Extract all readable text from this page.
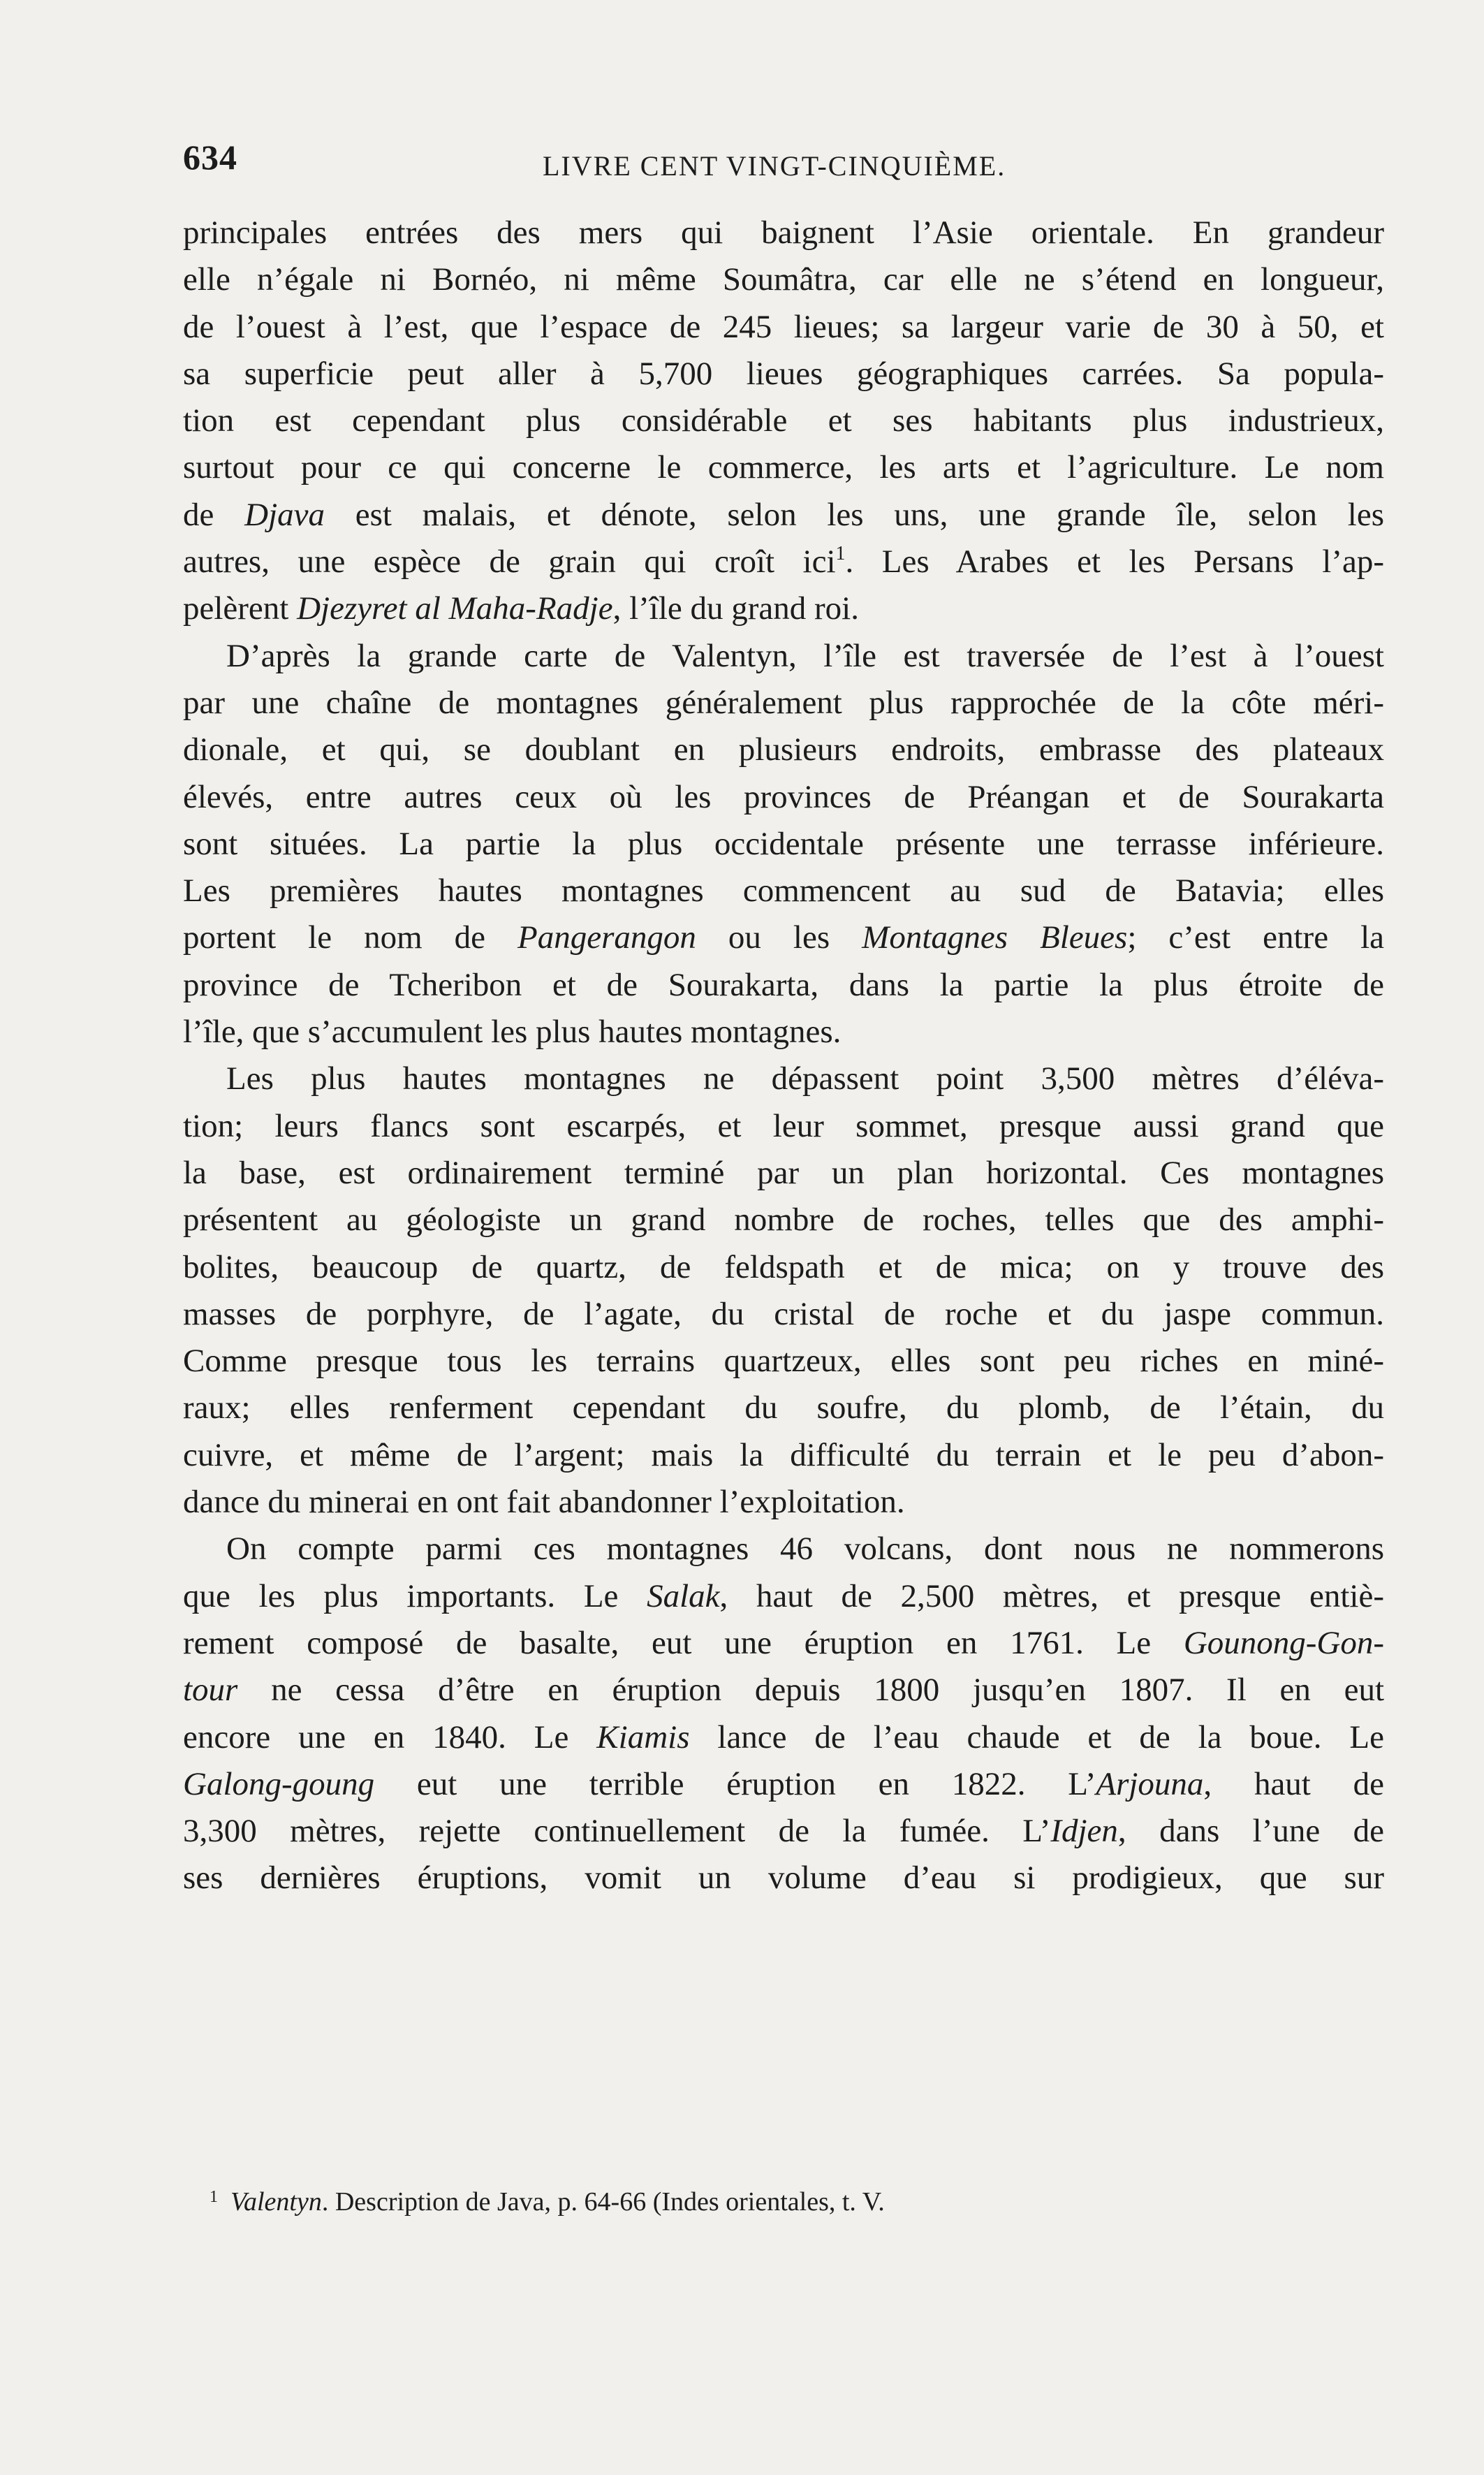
634	LIVRE CENT VINGT-CINQUIÈME.
principales entrées des mers qui baignent l’Asie orientale. En grandeur
elle n’égale ni Bornéo, ni même Soumâtra, car elle ne s’étend en longueur,
de l’ouest à l’est, que l’espace de 245 lieues; sa largeur varie de 30 à 50, et
sa superficie peut aller à 5,700 lieues géographiques carrées. Sa popula-
tion est cependant plus considérable et ses habitants plus industrieux,
surtout pour ce qui concerne le commerce, les arts et l’agriculture. Le nom
de Djava est malais, et dénote, selon les uns, une grande île, selon les
autres, une espèce de grain qui croît ici$^1$. Les Arabes et les Persans l’ap-
pelèrent Djezyret al Maha-Radje, l’île du grand roi.
D’après la grande carte de Valentyn, l’île est traversée de l’est à l’ouest
par une chaîne de montagnes généralement plus rapprochée de la côte méri-
dionale, et qui, se doublant en plusieurs endroits, embrasse des plateaux
élevés, entre autres ceux où les provinces de Préangan et de Sourakarta
sont situées. La partie la plus occidentale présente une terrasse inférieure.
Les premières hautes montagnes commencent au sud de Batavia; elles
portent le nom de Pangerangon ou les Montagnes Bleues; c’est entre la
province de Tcheribon et de Sourakarta, dans la partie la plus étroite de
l’île, que s’accumulent les plus hautes montagnes.
Les plus hautes montagnes ne dépassent point 3,500 mètres d’éléva-
tion; leurs flancs sont escarpés, et leur sommet, presque aussi grand que
la base, est ordinairement terminé par un plan horizontal. Ces montagnes
présentent au géologiste un grand nombre de roches, telles que des amphi-
bolites, beaucoup de quartz, de feldspath et de mica; on y trouve des
masses de porphyre, de l’agate, du cristal de roche et du jaspe commun.
Comme presque tous les terrains quartzeux, elles sont peu riches en miné-
raux; elles renferment cependant du soufre, du plomb, de l’étain, du
cuivre, et même de l’argent; mais la difficulté du terrain et le peu d’abon-
dance du minerai en ont fait abandonner l’exploitation.
On compte parmi ces montagnes 46 volcans, dont nous ne nommerons
que les plus importants. Le Salak, haut de 2,500 mètres, et presque entiè-
rement composé de basalte, eut une éruption en 1761. Le Gounong-Gon-
tour ne cessa d’être en éruption depuis 1800 jusqu’en 1807. Il en eut
encore une en 1840. Le Kiamis lance de l’eau chaude et de la boue. Le
Galong-goung eut une terrible éruption en 1822. L’Arjouna, haut de
3,300 mètres, rejette continuellement de la fumée. L’Idjen, dans l’une de
ses dernières éruptions, vomit un volume d’eau si prodigieux, que sur
$^1$ Valentyn. Description de Java, p. 64-66 (Indes orientales, t. V.
